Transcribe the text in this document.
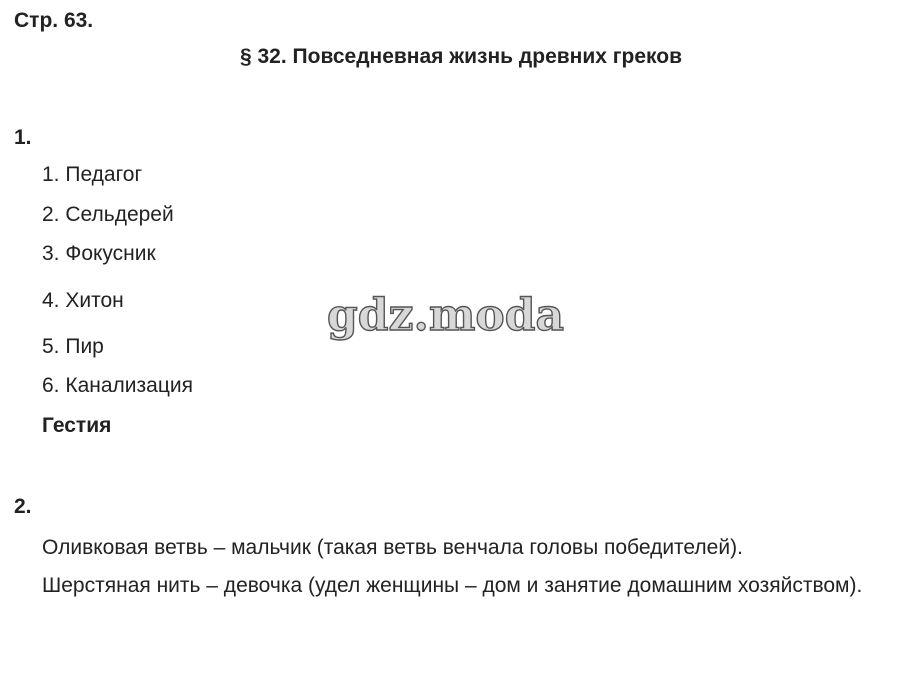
Стр. 63.
§ 32. Повседневная жизнь древних греков
1.
1. Педагог
2. Сельдерей
3. Фокусник
4. Хитон
5. Пир
6. Канализация
Гестия
2.

Оливковая ветвь – мальчик (такая ветвь венчала головы победителей).

Шерстяная нить – девочка (удел женщины – дом и занятие домашним хозяйством).

gdz.moda
